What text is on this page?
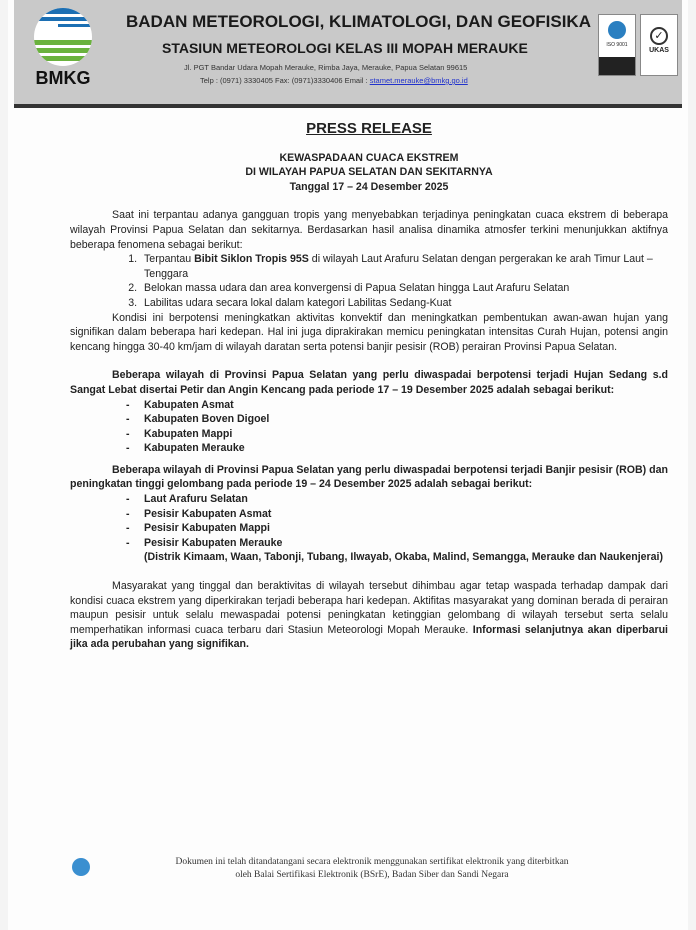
BMKG
BADAN METEOROLOGI, KLIMATOLOGI, DAN GEOFISIKA
STASIUN METEOROLOGI KELAS III MOPAH MERAUKE
Jl. PGT Bandar Udara Mopah Merauke, Rimba Jaya, Merauke, Papua Selatan 99615
Telp : (0971) 3330405 Fax: (0971)3330406 Email : stamet.merauke@bmkg.go.id
ISO 9001
✓
UKAS
PRESS RELEASE
KEWASPADAAN CUACA EKSTREM
DI WILAYAH PAPUA SELATAN DAN SEKITARNYA
Tanggal 17 – 24 Desember 2025

Saat ini terpantau adanya gangguan tropis yang menyebabkan terjadinya peningkatan cuaca ekstrem di beberapa wilayah Provinsi Papua Selatan dan sekitarnya. Berdasarkan hasil analisa dinamika atmosfer terkini menunjukkan aktifnya beberapa fenomena sebagai berikut:

1. Terpantau Bibit Siklon Tropis 95S di wilayah Laut Arafuru Selatan dengan pergerakan ke arah Timur Laut – Tenggara
2. Belokan massa udara dan area konvergensi di Papua Selatan hingga Laut Arafuru Selatan
3. Labilitas udara secara lokal dalam kategori Labilitas Sedang-Kuat

Kondisi ini berpotensi meningkatkan aktivitas konvektif dan meningkatkan pembentukan awan-awan hujan yang signifikan dalam beberapa hari kedepan. Hal ini juga diprakirakan memicu peningkatan intensitas Curah Hujan, potensi angin kencang hingga 30-40 km/jam di wilayah daratan serta potensi banjir pesisir (ROB) perairan Provinsi Papua Selatan.

Beberapa wilayah di Provinsi Papua Selatan yang perlu diwaspadai berpotensi terjadi Hujan Sedang s.d Sangat Lebat disertai Petir dan Angin Kencang pada periode 17 – 19 Desember 2025 adalah sebagai berikut:

- Kabupaten Asmat
- Kabupaten Boven Digoel
- Kabupaten Mappi
- Kabupaten Merauke

Beberapa wilayah di Provinsi Papua Selatan yang perlu diwaspadai berpotensi terjadi Banjir pesisir (ROB) dan peningkatan tinggi gelombang pada periode 19 – 24 Desember 2025 adalah sebagai berikut:

- Laut Arafuru Selatan
- Pesisir Kabupaten Asmat
- Pesisir Kabupaten Mappi
- Pesisir Kabupaten Merauke
(Distrik Kimaam, Waan, Tabonji, Tubang, Ilwayab, Okaba, Malind, Semangga, Merauke dan Naukenjerai)

Masyarakat yang tinggal dan beraktivitas di wilayah tersebut dihimbau agar tetap waspada terhadap dampak dari kondisi cuaca ekstrem yang diperkirakan terjadi beberapa hari kedepan. Aktifitas masyarakat yang dominan berada di perairan maupun pesisir untuk selalu mewaspadai potensi peningkatan ketinggian gelombang di wilayah tersebut serta selalu memperhatikan informasi cuaca terbaru dari Stasiun Meteorologi Mopah Merauke. Informasi selanjutnya akan diperbarui jika ada perubahan yang signifikan.

Dokumen ini telah ditandatangani secara elektronik menggunakan sertifikat elektronik yang diterbitkan
oleh Balai Sertifikasi Elektronik (BSrE), Badan Siber dan Sandi Negara
